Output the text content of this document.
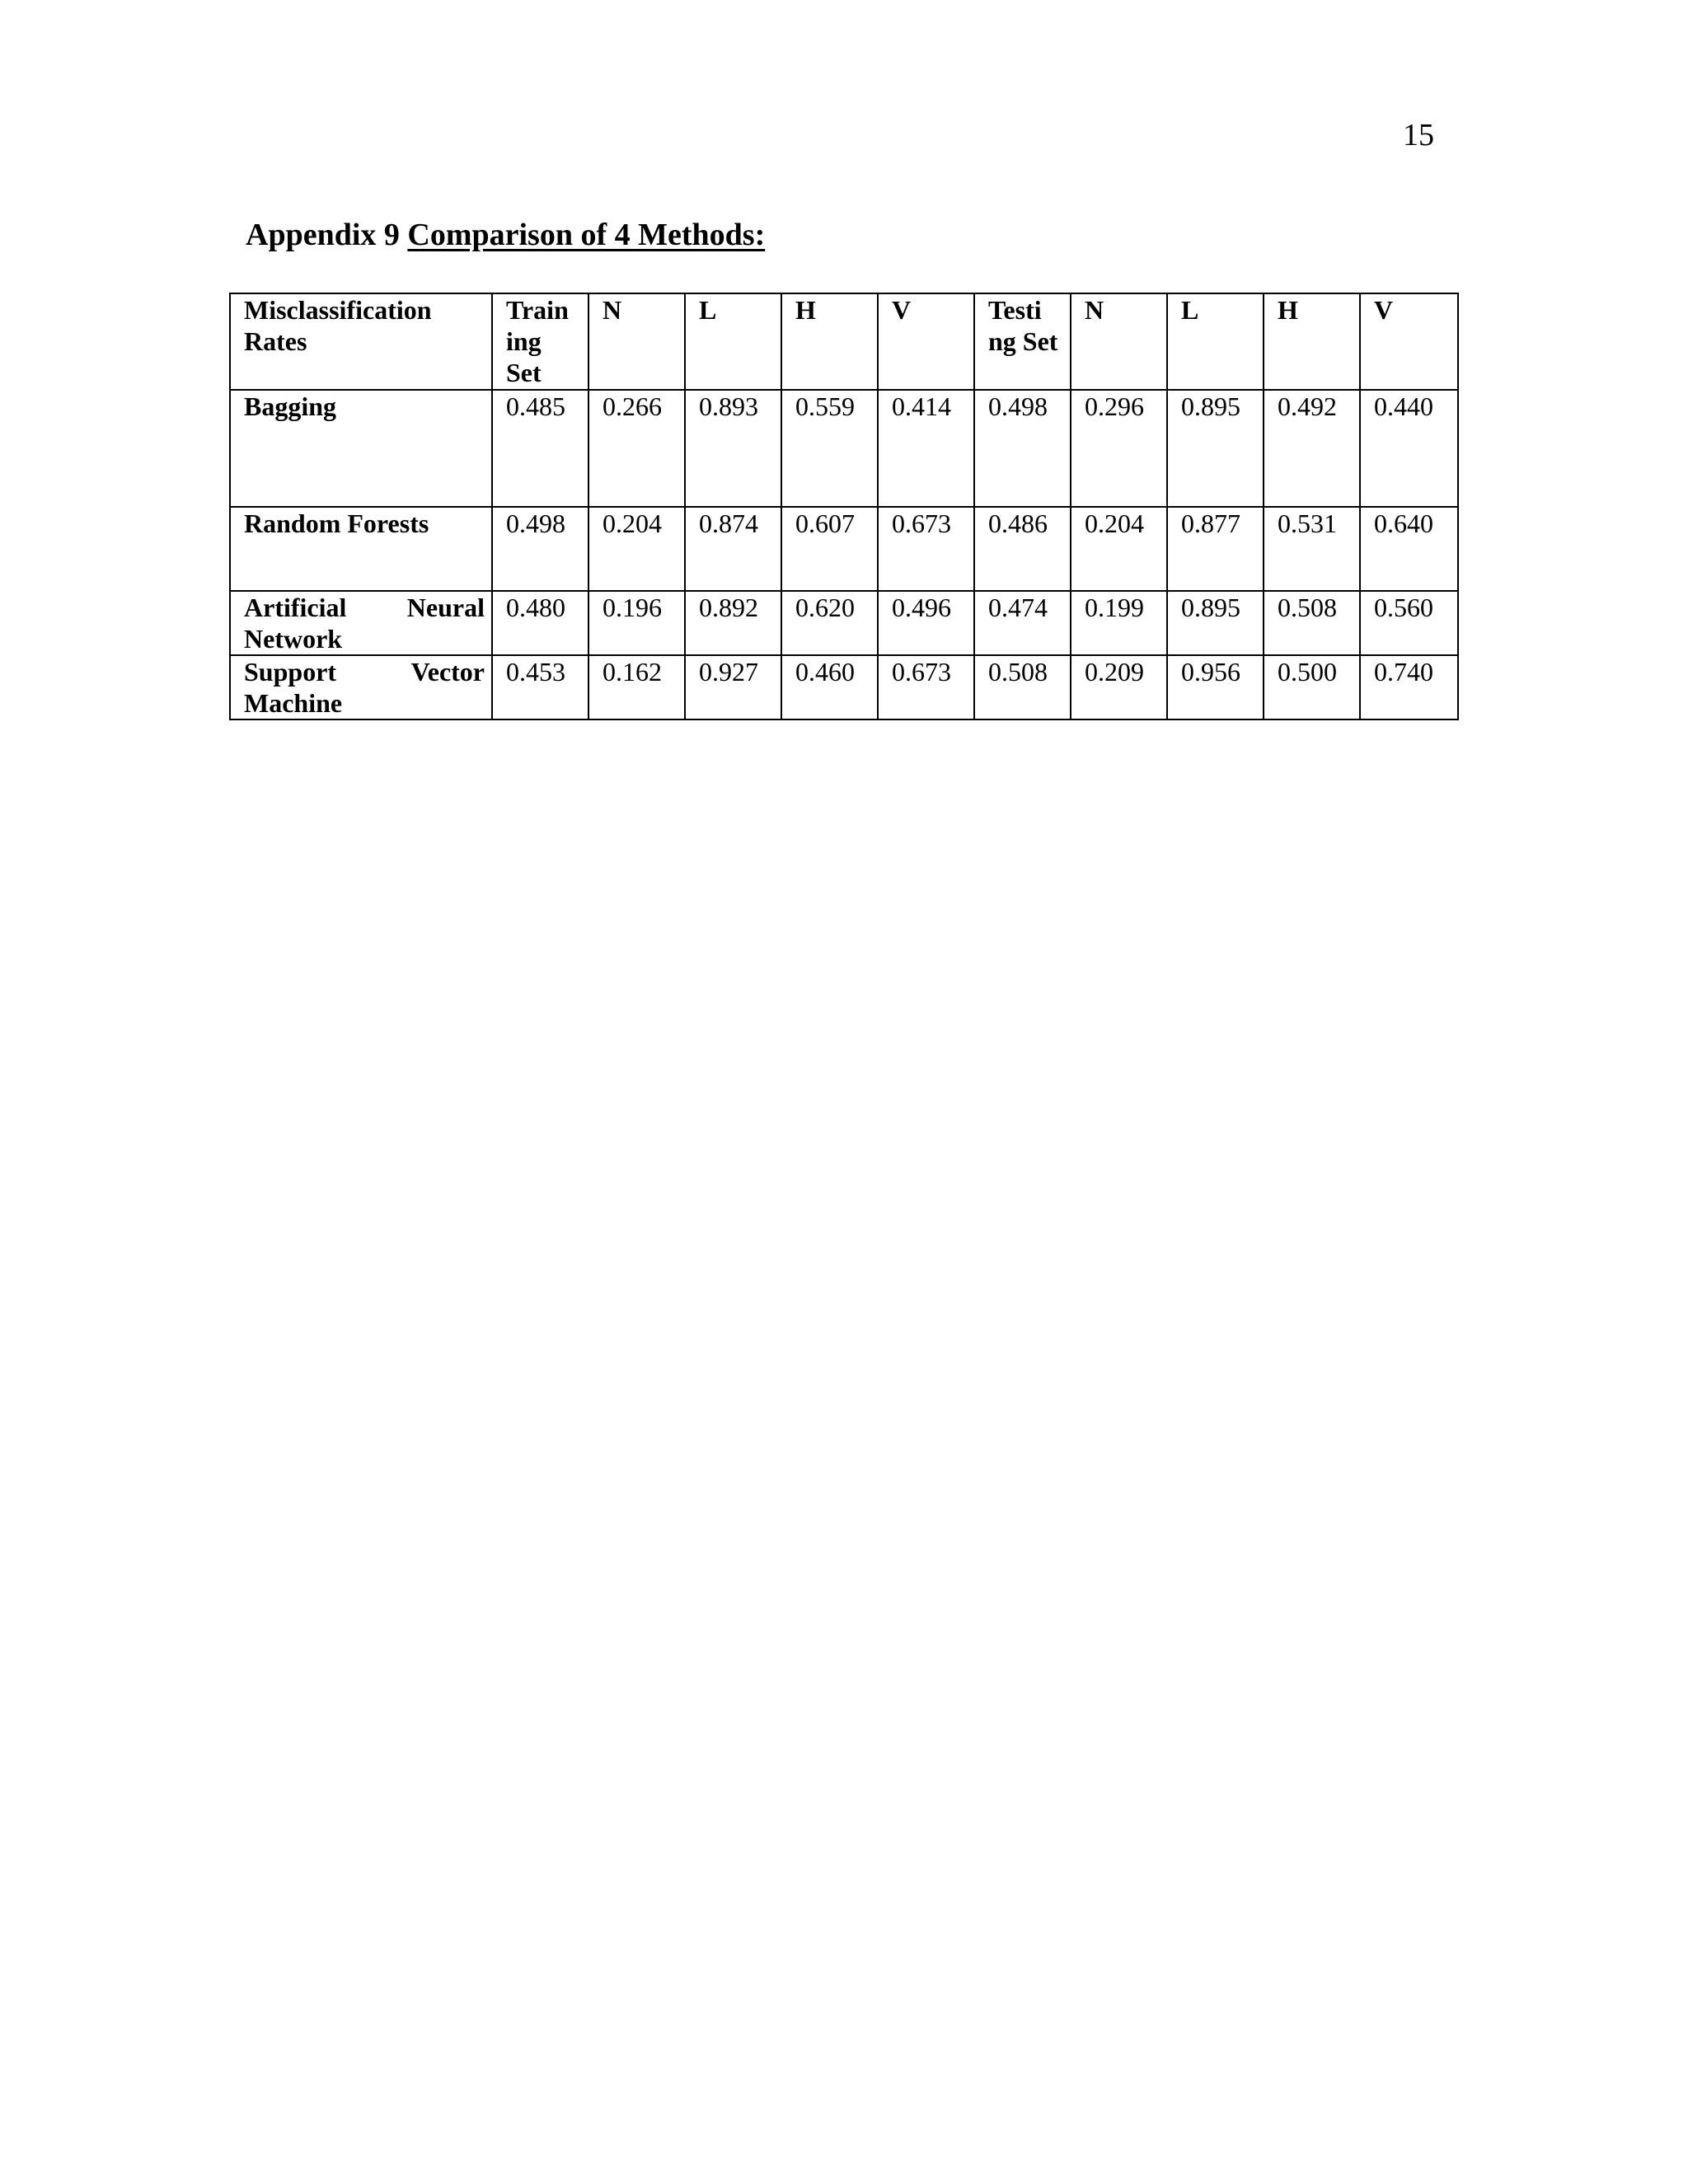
15
Appendix 9 Comparison of 4 Methods:
Misclassification Rates	Train ing Set	N	L	H	V	Testi ng Set	N	L	H	V
Bagging	0.485	0.266	0.893	0.559	0.414	0.498	0.296	0.895	0.492	0.440
Random Forests	0.498	0.204	0.874	0.607	0.673	0.486	0.204	0.877	0.531	0.640
Artificial Neural Network	0.480	0.196	0.892	0.620	0.496	0.474	0.199	0.895	0.508	0.560
Support Vector Machine	0.453	0.162	0.927	0.460	0.673	0.508	0.209	0.956	0.500	0.740
